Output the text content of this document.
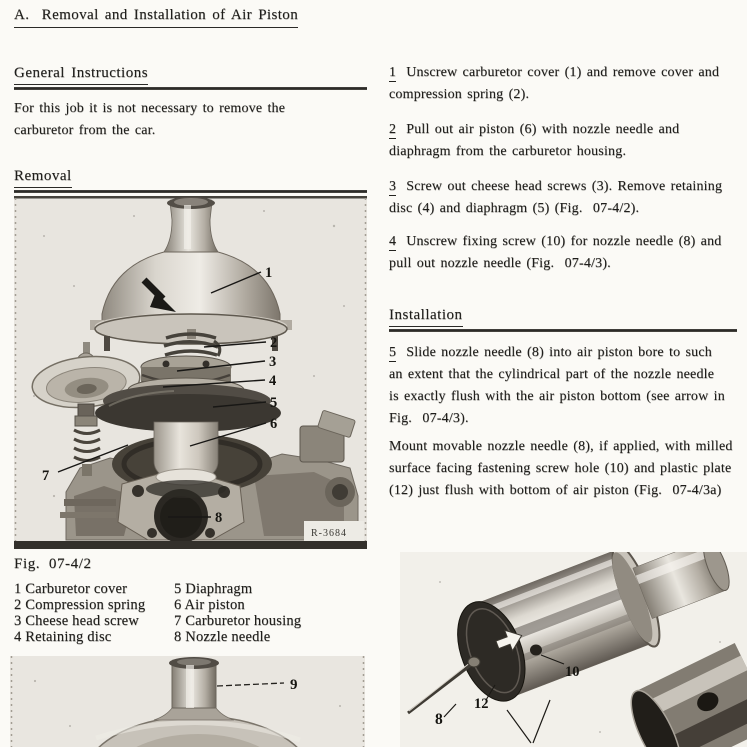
A.  Removal and Installation of Air Piston
General Instructions
For this job it is not necessary to remove the carburetor from the car.
Removal
R-3684
1
2
3
4
5
6
7
8
Fig.  07-4/2
1 Carburetor cover
2 Compression spring
3 Cheese head screw
4 Retaining disc
5 Diaphragm
6 Air piston
7 Carburetor housing
8 Nozzle needle
9

1 Unscrew carburetor cover (1) and remove cover and compression spring (2).

2 Pull out air piston (6) with nozzle needle and diaphragm from the carburetor housing.

3 Screw out cheese head screws (3). Remove retaining disc (4) and diaphragm (5) (Fig.  07-4/2).

4 Unscrew fixing screw (10) for nozzle needle (8) and pull out nozzle needle (Fig.  07-4/3).

Installation

5 Slide nozzle needle (8) into air piston bore to such an extent that the cylindrical part of the nozzle needle is exactly flush with the air piston bottom (see arrow in Fig.  07-4/3).

Mount movable nozzle needle (8), if applied, with milled surface facing fastening screw hole (10) and plastic plate (12) just flush with bottom of air piston (Fig.  07-4/3a)

10
12
8
